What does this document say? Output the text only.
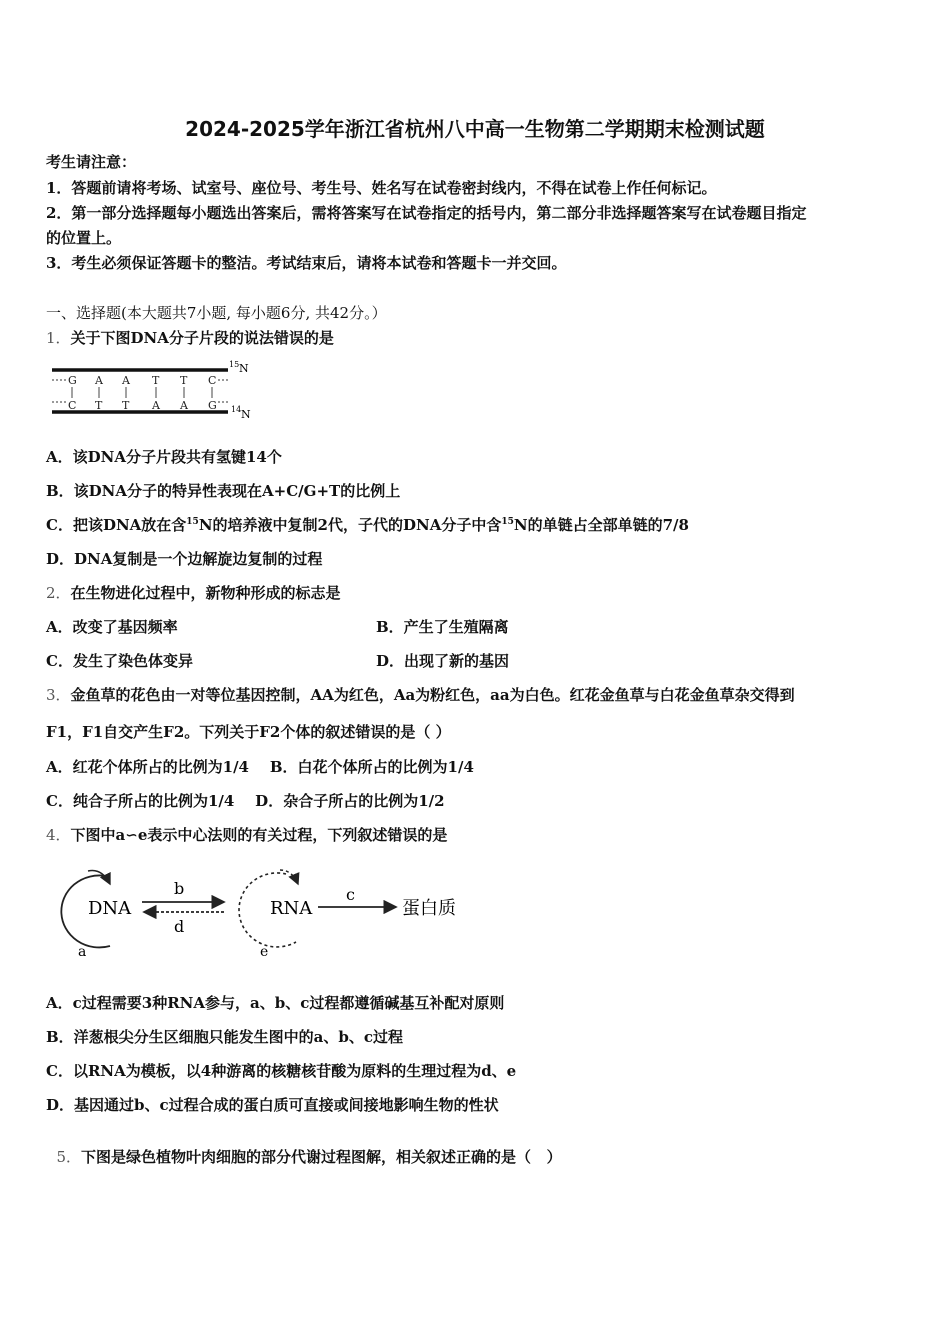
2024-2025学年浙江省杭州八中高一生物第二学期期末检测试题
考生请注意：
1．答题前请将考场、试室号、座位号、考生号、姓名写在试卷密封线内，不得在试卷上作任何标记。
2．第一部分选择题每小题选出答案后，需将答案写在试卷指定的括号内，第二部分非选择题答案写在试卷题目指定
的位置上。
3．考生必须保证答题卡的整洁。考试结束后，请将本试卷和答题卡一并交回。
一、选择题(本大题共7小题, 每小题6分, 共42分。）
1．关于下图DNA分子片段的说法错误的是
G A A T T C
C T T A A G
15 N
14 N
A．该DNA分子片段共有氢键14个
B．该DNA分子的特异性表现在A+C/G+T的比例上
C．把该DNA放在含$^{15}$N的培养液中复制2代，子代的DNA分子中含$^{15}$N的单链占全部单链的7/8
D．DNA复制是一个边解旋边复制的过程
2．在生物进化过程中，新物种形成的标志是
A．改变了基因频率	B．产生了生殖隔离
C．发生了染色体变异	D．出现了新的基因
3．金鱼草的花色由一对等位基因控制，AA为红色，Aa为粉红色，aa为白色。红花金鱼草与白花金鱼草杂交得到
F1，F1自交产生F2。下列关于F2个体的叙述错误的是（ ）
A．红花个体所占的比例为1/4    B．白花个体所占的比例为1/4
C．纯合子所占的比例为1/4    D．杂合子所占的比例为1/2
4．下图中a∽e表示中心法则的有关过程，下列叙述错误的是
DNA
a
b
d
RNA
e
c
蛋白质
A．c过程需要3种RNA参与，a、b、c过程都遵循碱基互补配对原则
B．洋葱根尖分生区细胞只能发生图中的a、b、c过程
C．以RNA为模板，以4种游离的核糖核苷酸为原料的生理过程为d、e
D．基因通过b、c过程合成的蛋白质可直接或间接地影响生物的性状

5．下图是绿色植物叶肉细胞的部分代谢过程图解，相关叙述正确的是（   ）
